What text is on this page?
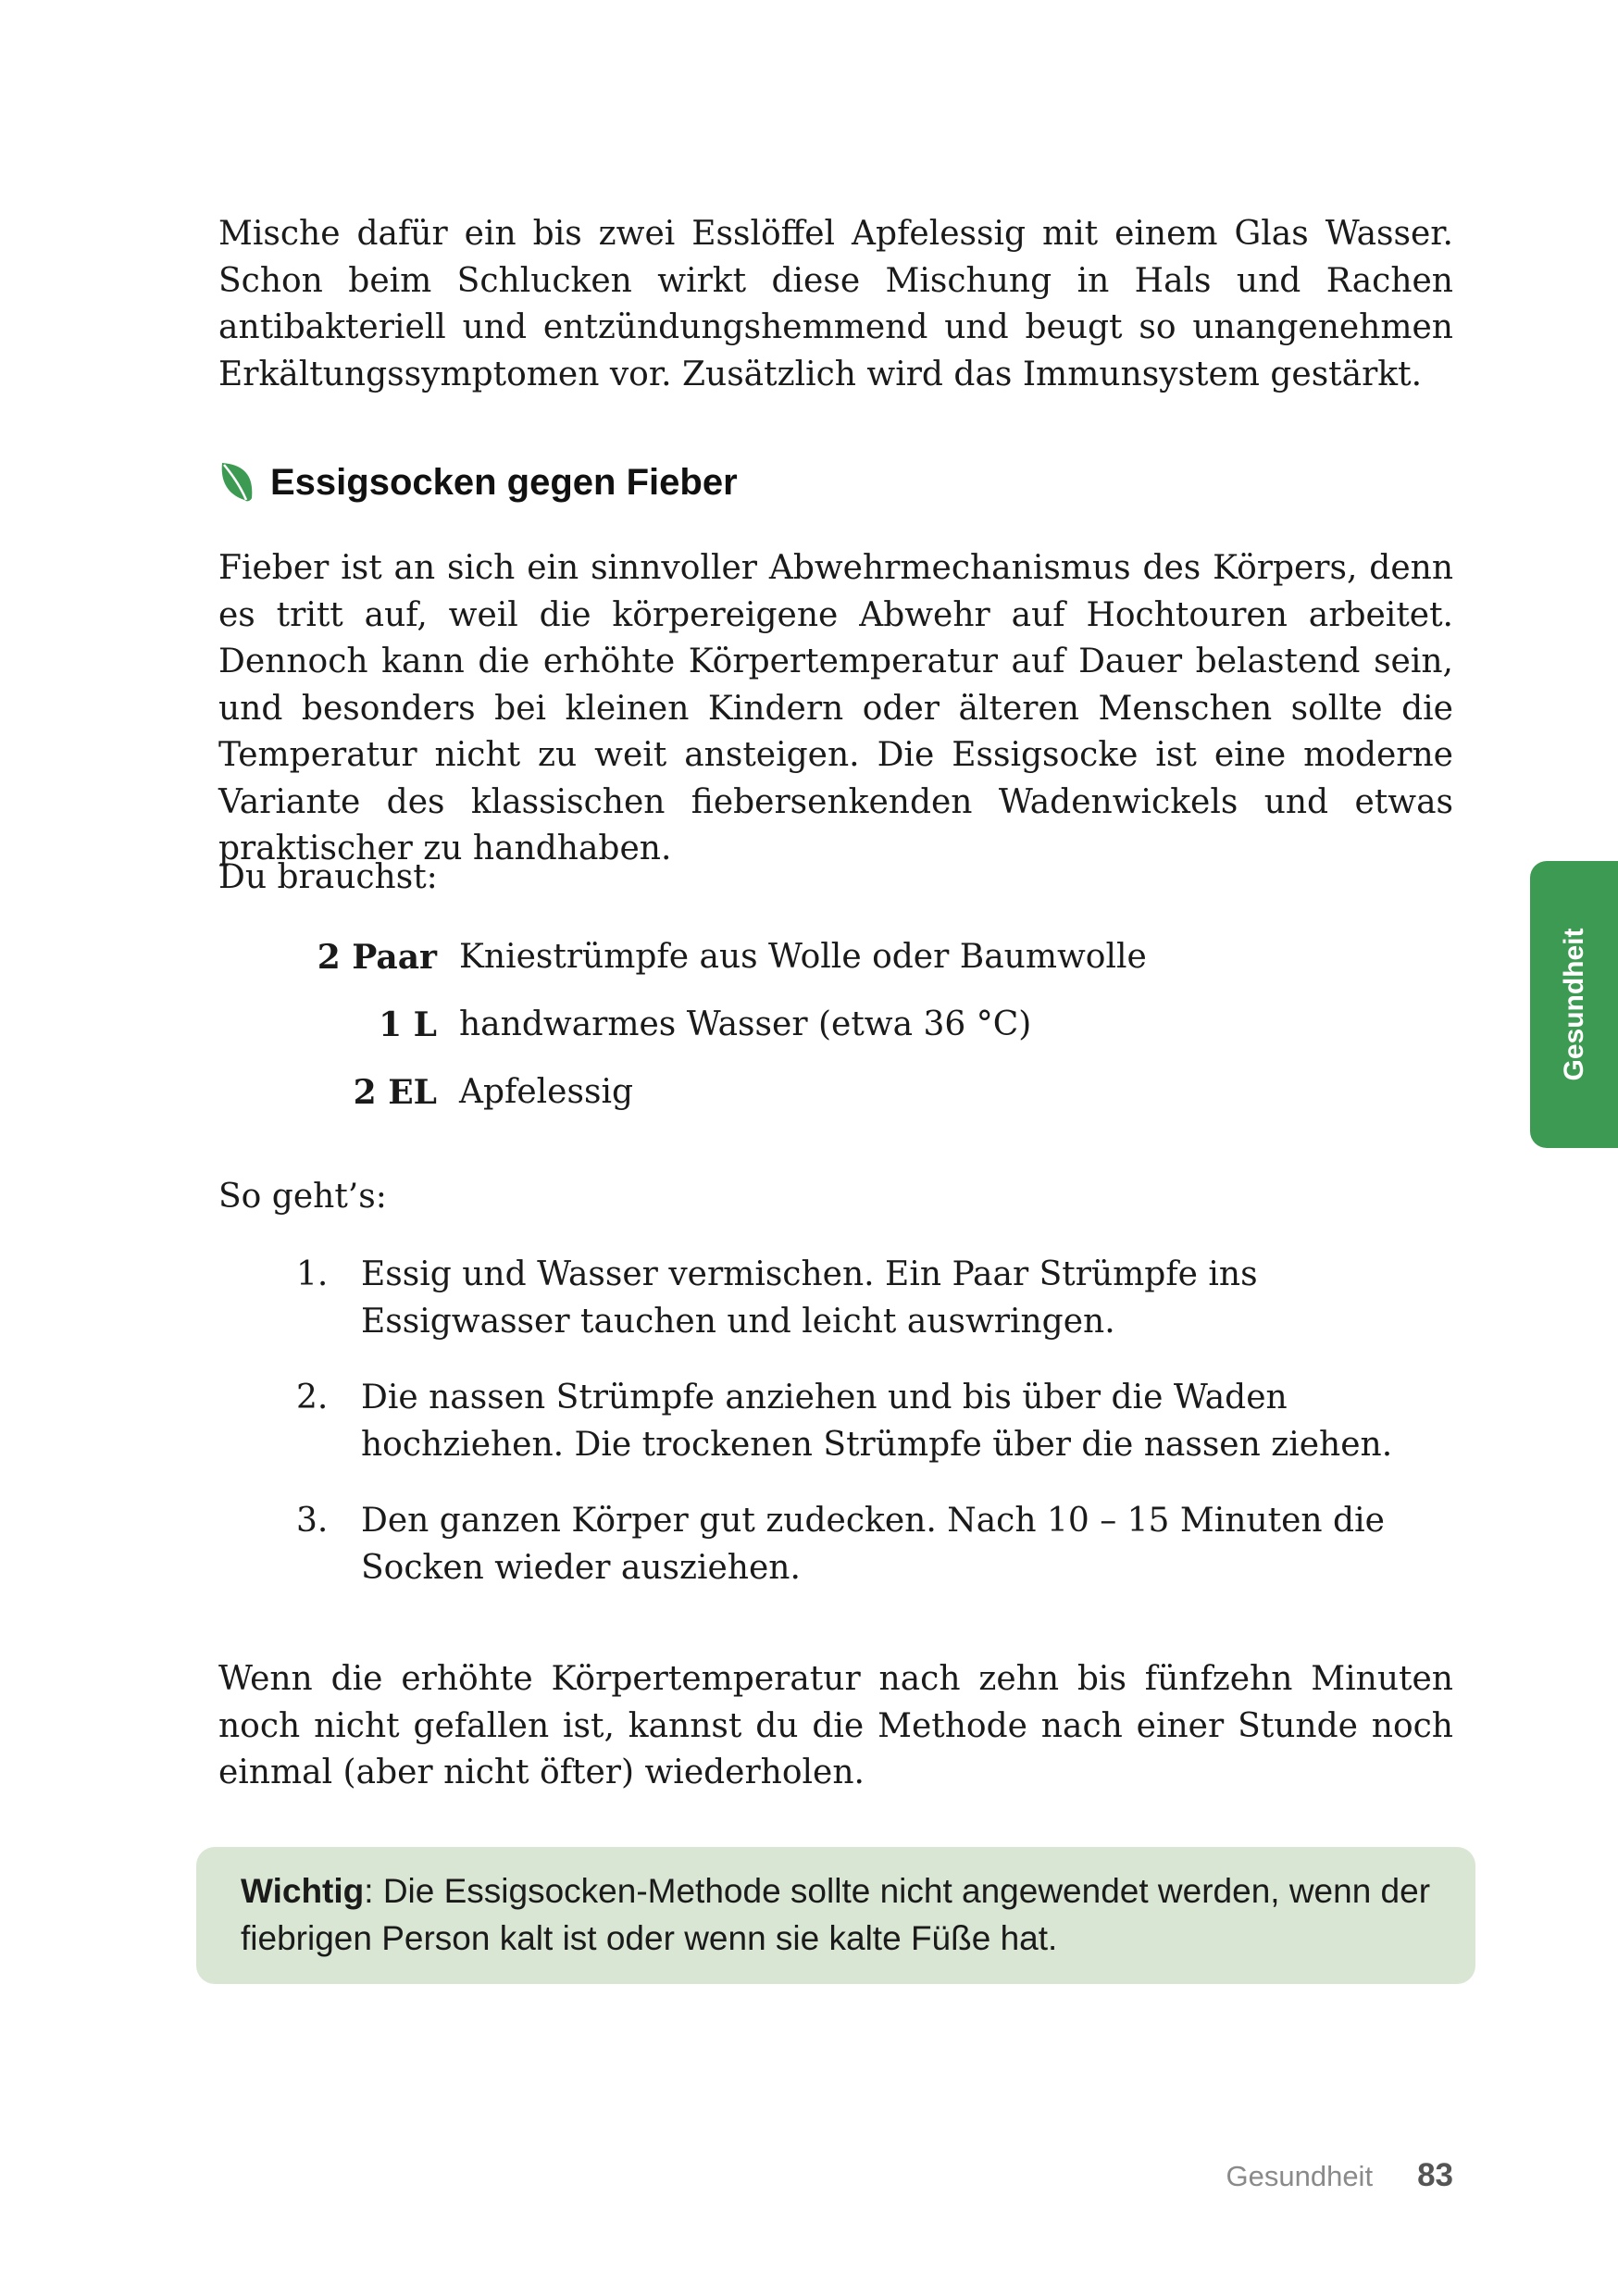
Mische dafür ein bis zwei Esslöffel Apfelessig mit einem Glas Wasser. Schon beim Schlucken wirkt diese Mischung in Hals und Rachen antibakteriell und entzündungshemmend und beugt so unangenehmen Erkältungssymptomen vor. Zusätzlich wird das Immunsystem gestärkt.

Essigsocken gegen Fieber

Fieber ist an sich ein sinnvoller Abwehrmechanismus des Körpers, denn es tritt auf, weil die körpereigene Abwehr auf Hochtouren arbeitet. Dennoch kann die erhöhte Körpertemperatur auf Dauer belastend sein, und besonders bei kleinen Kindern oder älteren Menschen sollte die Temperatur nicht zu weit ansteigen. Die Essigsocke ist eine moderne Variante des klassischen fiebersenkenden Wadenwickels und etwas praktischer zu handhaben.

Du brauchst:

2 Paar Kniestrümpfe aus Wolle oder Baumwolle
1 L handwarmes Wasser (etwa 36 °C)
2 EL Apfelessig

So geht’s:

1. Essig und Wasser vermischen. Ein Paar Strümpfe ins Essigwasser tauchen und leicht auswringen.
2. Die nassen Strümpfe anziehen und bis über die Waden hochziehen. Die trockenen Strümpfe über die nassen ziehen.
3. Den ganzen Körper gut zudecken. Nach 10 – 15 Minuten die Socken wieder ausziehen.

Wenn die erhöhte Körpertemperatur nach zehn bis fünfzehn Minuten noch nicht gefallen ist, kannst du die Methode nach einer Stunde noch einmal (aber nicht öfter) wiederholen.

Wichtig: Die Essigsocken-Methode sollte nicht angewendet werden, wenn der fiebrigen Person kalt ist oder wenn sie kalte Füße hat.
Gesundheit
Gesundheit 83
